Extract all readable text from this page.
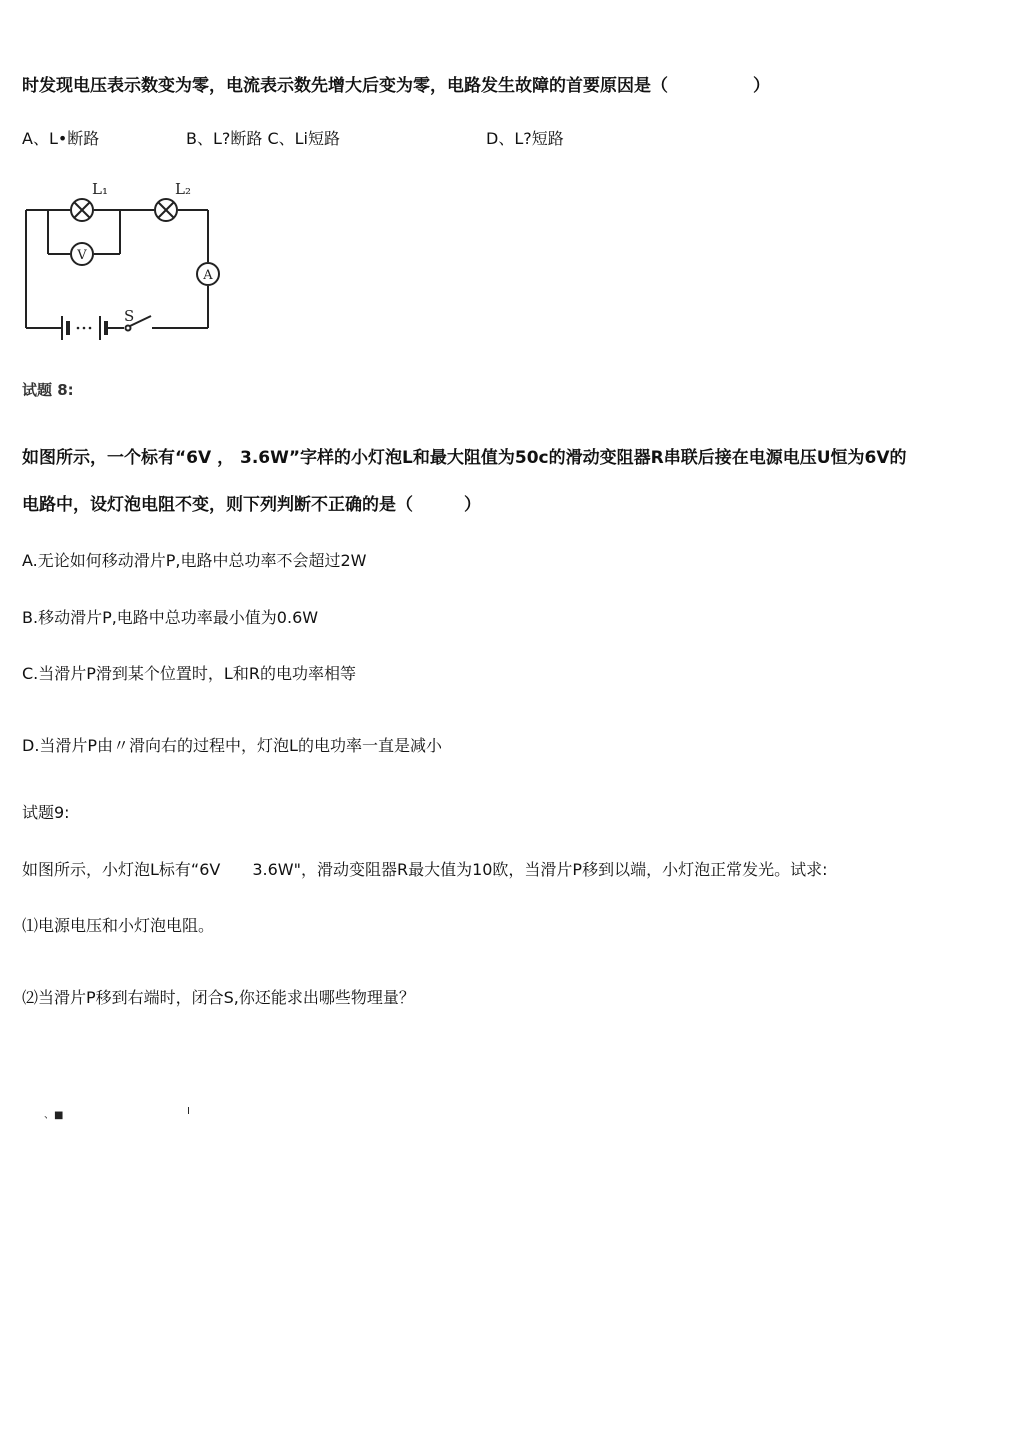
时发现电压表示数变为零，电流表示数先增大后变为零，电路发生故障的首要原因是（　　　　　）
A、L•断路	B、L?断路 C、Li短路	D、L?短路
L₁	L₂
V
A
S
试题 8:
如图所示，一个标有“6V ， 3.6W”字样的小灯泡L和最大阻值为50c的滑动变阻器R串联后接在电源电压U恒为6V的
电路中，设灯泡电阻不变，则下列判断不正确的是（　　　）
A.无论如何移动滑片P,电路中总功率不会超过2W
B.移动滑片P,电路中总功率最小值为0.6W
C.当滑片P滑到某个位置时，L和R的电功率相等
D.当滑片P由〃滑向右的过程中，灯泡L的电功率一直是减小
试题9:
如图所示，小灯泡L标有“6V　　3.6W"，滑动变阻器R最大值为10欧，当滑片P移到以端，小灯泡正常发光。试求:
⑴电源电压和小灯泡电阻。
⑵当滑片P移到右端时，闭合S,你还能求出哪些物理量？
、■	I
